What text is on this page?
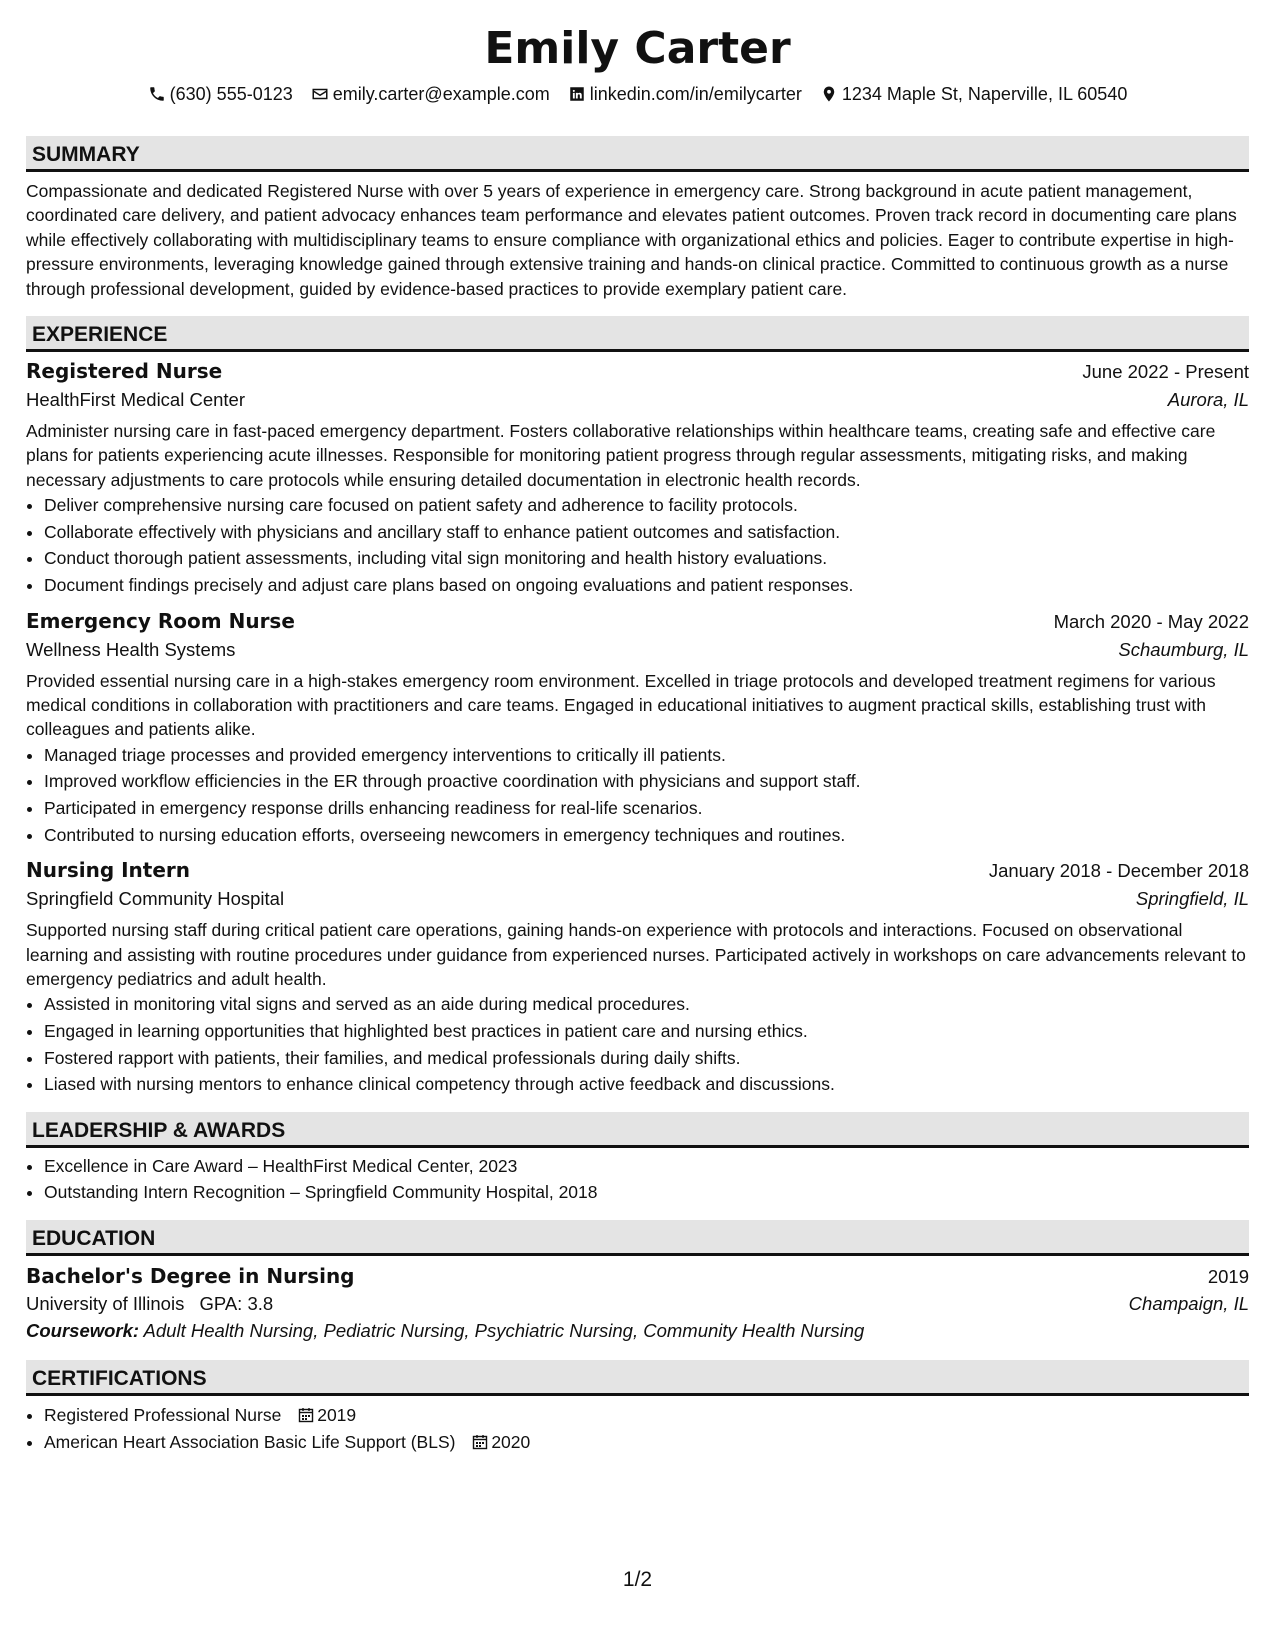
Emily Carter
(630) 555-0123 emily.carter@example.com linkedin.com/in/emilycarter 1234 Maple St, Naperville, IL 60540
SUMMARY

Compassionate and dedicated Registered Nurse with over 5 years of experience in emergency care. Strong background in acute patient management, coordinated care delivery, and patient advocacy enhances team performance and elevates patient outcomes. Proven track record in documenting care plans while effectively collaborating with multidisciplinary teams to ensure compliance with organizational ethics and policies. Eager to contribute expertise in high-pressure environments, leveraging knowledge gained through extensive training and hands-on clinical practice. Committed to continuous growth as a nurse through professional development, guided by evidence-based practices to provide exemplary patient care.

EXPERIENCE
Registered Nurse	June 2022 - Present
HealthFirst Medical Center	Aurora, IL

Administer nursing care in fast-paced emergency department. Fosters collaborative relationships within healthcare teams, creating safe and effective care plans for patients experiencing acute illnesses. Responsible for monitoring patient progress through regular assessments, mitigating risks, and making necessary adjustments to care protocols while ensuring detailed documentation in electronic health records.

• Deliver comprehensive nursing care focused on patient safety and adherence to facility protocols.
• Collaborate effectively with physicians and ancillary staff to enhance patient outcomes and satisfaction.
• Conduct thorough patient assessments, including vital sign monitoring and health history evaluations.
• Document findings precisely and adjust care plans based on ongoing evaluations and patient responses.
Emergency Room Nurse	March 2020 - May 2022
Wellness Health Systems	Schaumburg, IL

Provided essential nursing care in a high-stakes emergency room environment. Excelled in triage protocols and developed treatment regimens for various medical conditions in collaboration with practitioners and care teams. Engaged in educational initiatives to augment practical skills, establishing trust with colleagues and patients alike.

• Managed triage processes and provided emergency interventions to critically ill patients.
• Improved workflow efficiencies in the ER through proactive coordination with physicians and support staff.
• Participated in emergency response drills enhancing readiness for real-life scenarios.
• Contributed to nursing education efforts, overseeing newcomers in emergency techniques and routines.
Nursing Intern	January 2018 - December 2018
Springfield Community Hospital	Springfield, IL

Supported nursing staff during critical patient care operations, gaining hands-on experience with protocols and interactions. Focused on observational learning and assisting with routine procedures under guidance from experienced nurses. Participated actively in workshops on care advancements relevant to emergency pediatrics and adult health.

• Assisted in monitoring vital signs and served as an aide during medical procedures.
• Engaged in learning opportunities that highlighted best practices in patient care and nursing ethics.
• Fostered rapport with patients, their families, and medical professionals during daily shifts.
• Liased with nursing mentors to enhance clinical competency through active feedback and discussions.
LEADERSHIP & AWARDS
• Excellence in Care Award – HealthFirst Medical Center, 2023
• Outstanding Intern Recognition – Springfield Community Hospital, 2018
EDUCATION
Bachelor's Degree in Nursing	2019
University of Illinois GPA: 3.8	Champaign, IL
Coursework: Adult Health Nursing, Pediatric Nursing, Psychiatric Nursing, Community Health Nursing
CERTIFICATIONS
• Registered Professional Nurse 2019
• American Heart Association Basic Life Support (BLS) 2020
1/2
